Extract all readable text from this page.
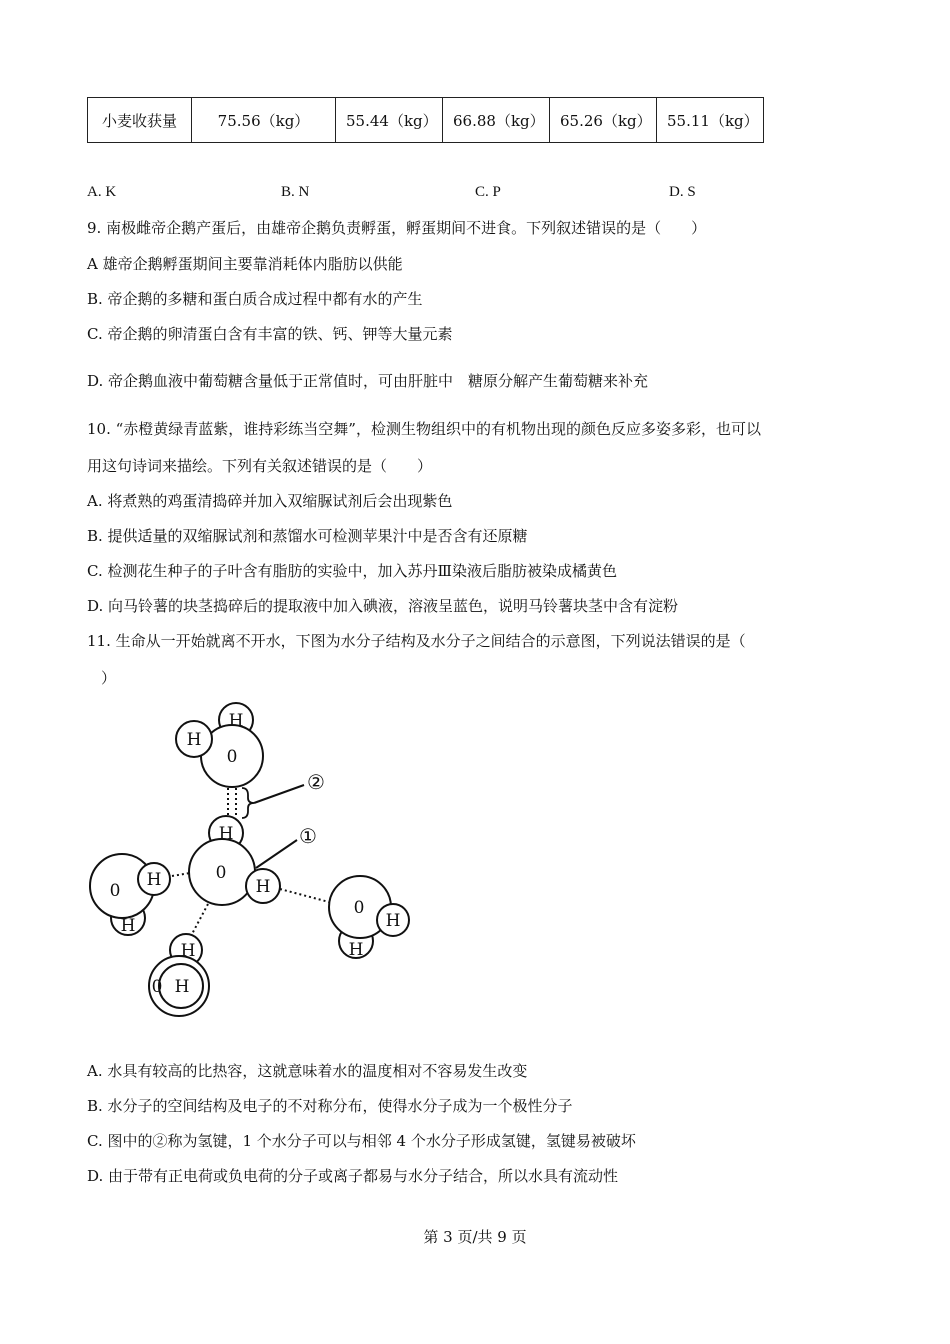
小麦收获量	75.56（kg）	55.44（kg）	66.88（kg）	65.26（kg）	55.11（kg）
A. K	B. N	C. P	D. S
9. 南极雌帝企鹅产蛋后，由雄帝企鹅负责孵蛋，孵蛋期间不进食。下列叙述错误的是（　　）
A 雄帝企鹅孵蛋期间主要靠消耗体内脂肪以供能
B. 帝企鹅的多糖和蛋白质合成过程中都有水的产生
C. 帝企鹅的卵清蛋白含有丰富的铁、钙、钾等大量元素
D. 帝企鹅血液中葡萄糖含量低于正常值时，可由肝脏中　糖原分解产生葡萄糖来补充
10. “赤橙黄绿青蓝紫，谁持彩练当空舞”，检测生物组织中的有机物出现的颜色反应多姿多彩，也可以
用这句诗词来描绘。下列有关叙述错误的是（　　）
A. 将煮熟的鸡蛋清捣碎并加入双缩脲试剂后会出现紫色
B. 提供适量的双缩脲试剂和蒸馏水可检测苹果汁中是否含有还原糖
C. 检测花生种子的子叶含有脂肪的实验中，加入苏丹Ⅲ染液后脂肪被染成橘黄色
D. 向马铃薯的块茎捣碎后的提取液中加入碘液，溶液呈蓝色，说明马铃薯块茎中含有淀粉
11. 生命从一开始就离不开水，下图为水分子结构及水分子之间结合的示意图，下列说法错误的是（
）
H
0
H
H
0
H
H
0
H
H
0
H
H
0 H
②
①
A. 水具有较高的比热容，这就意味着水的温度相对不容易发生改变
B. 水分子的空间结构及电子的不对称分布，使得水分子成为一个极性分子
C. 图中的②称为氢键，1 个水分子可以与相邻 4 个水分子形成氢键，氢键易被破坏
D. 由于带有正电荷或负电荷的分子或离子都易与水分子结合，所以水具有流动性
第 3 页/共 9 页
